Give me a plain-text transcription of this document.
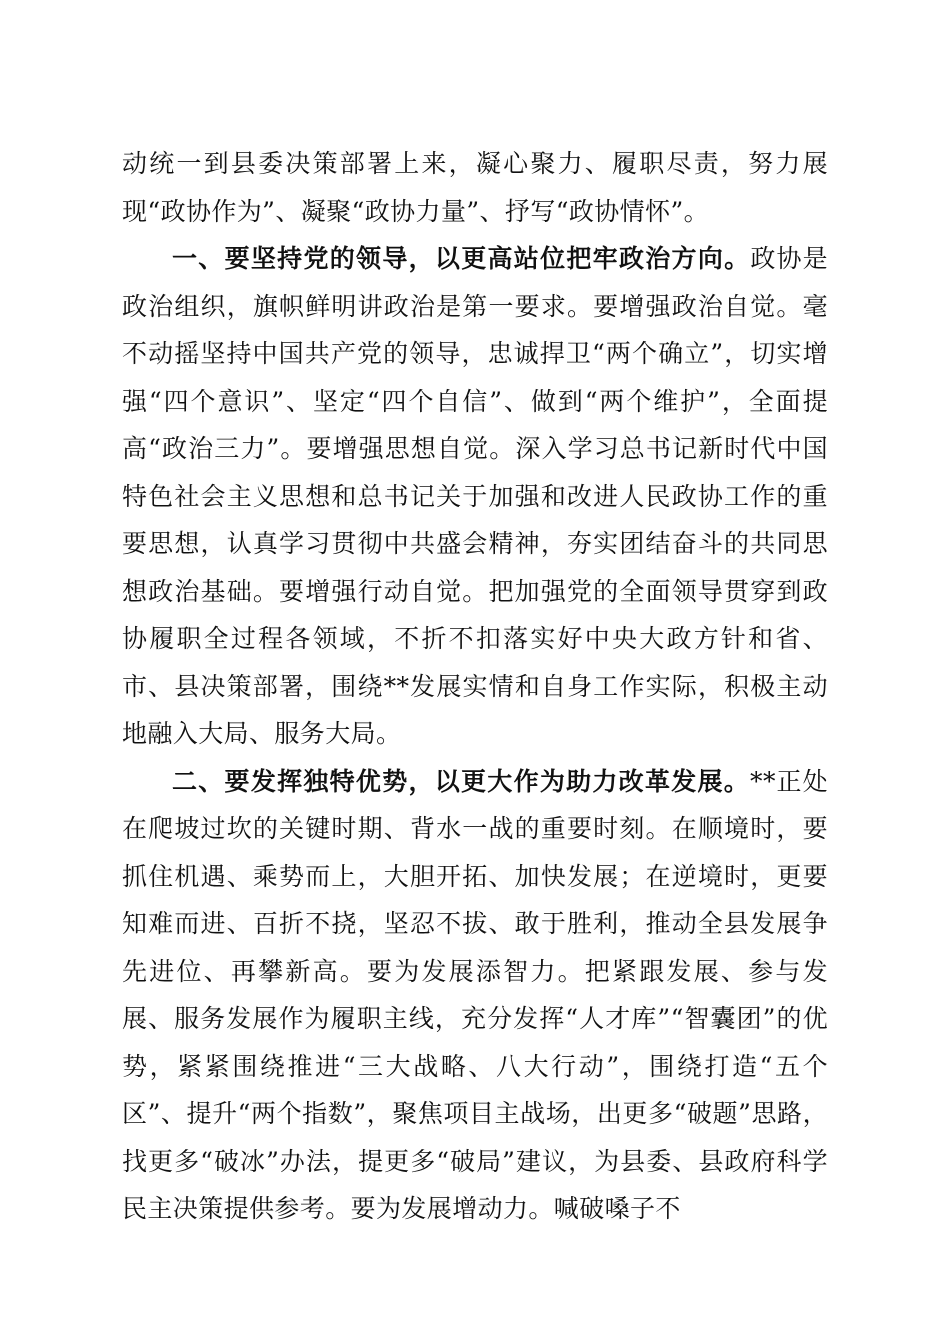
动统一到县委决策部署上来，凝心聚力、履职尽责，努力展现“政协作为”、凝聚“政协力量”、抒写“政协情怀”。

一、要坚持党的领导，以更高站位把牢政治方向。政协是政治组织，旗帜鲜明讲政治是第一要求。要增强政治自觉。毫不动摇坚持中国共产党的领导，忠诚捍卫“两个确立”，切实增强“四个意识”、坚定“四个自信”、做到“两个维护”，全面提高“政治三力”。要增强思想自觉。深入学习总书记新时代中国特色社会主义思想和总书记关于加强和改进人民政协工作的重要思想，认真学习贯彻中共盛会精神，夯实团结奋斗的共同思想政治基础。要增强行动自觉。把加强党的全面领导贯穿到政协履职全过程各领域，不折不扣落实好中央大政方针和省、市、县决策部署，围绕**发展实情和自身工作实际，积极主动地融入大局、服务大局。

二、要发挥独特优势，以更大作为助力改革发展。**正处在爬坡过坎的关键时期、背水一战的重要时刻。在顺境时，要抓住机遇、乘势而上，大胆开拓、加快发展；在逆境时，更要知难而进、百折不挠，坚忍不拔、敢于胜利，推动全县发展争先进位、再攀新高。要为发展添智力。把紧跟发展、参与发展、服务发展作为履职主线，充分发挥“人才库”“智囊团”的优势，紧紧围绕推进“三大战略、八大行动”，围绕打造“五个区”、提升“两个指数”，聚焦项目主战场，出更多“破题”思路，找更多“破冰”办法，提更多“破局”建议，为县委、县政府科学民主决策提供参考。要为发展增动力。喊破嗓子不
